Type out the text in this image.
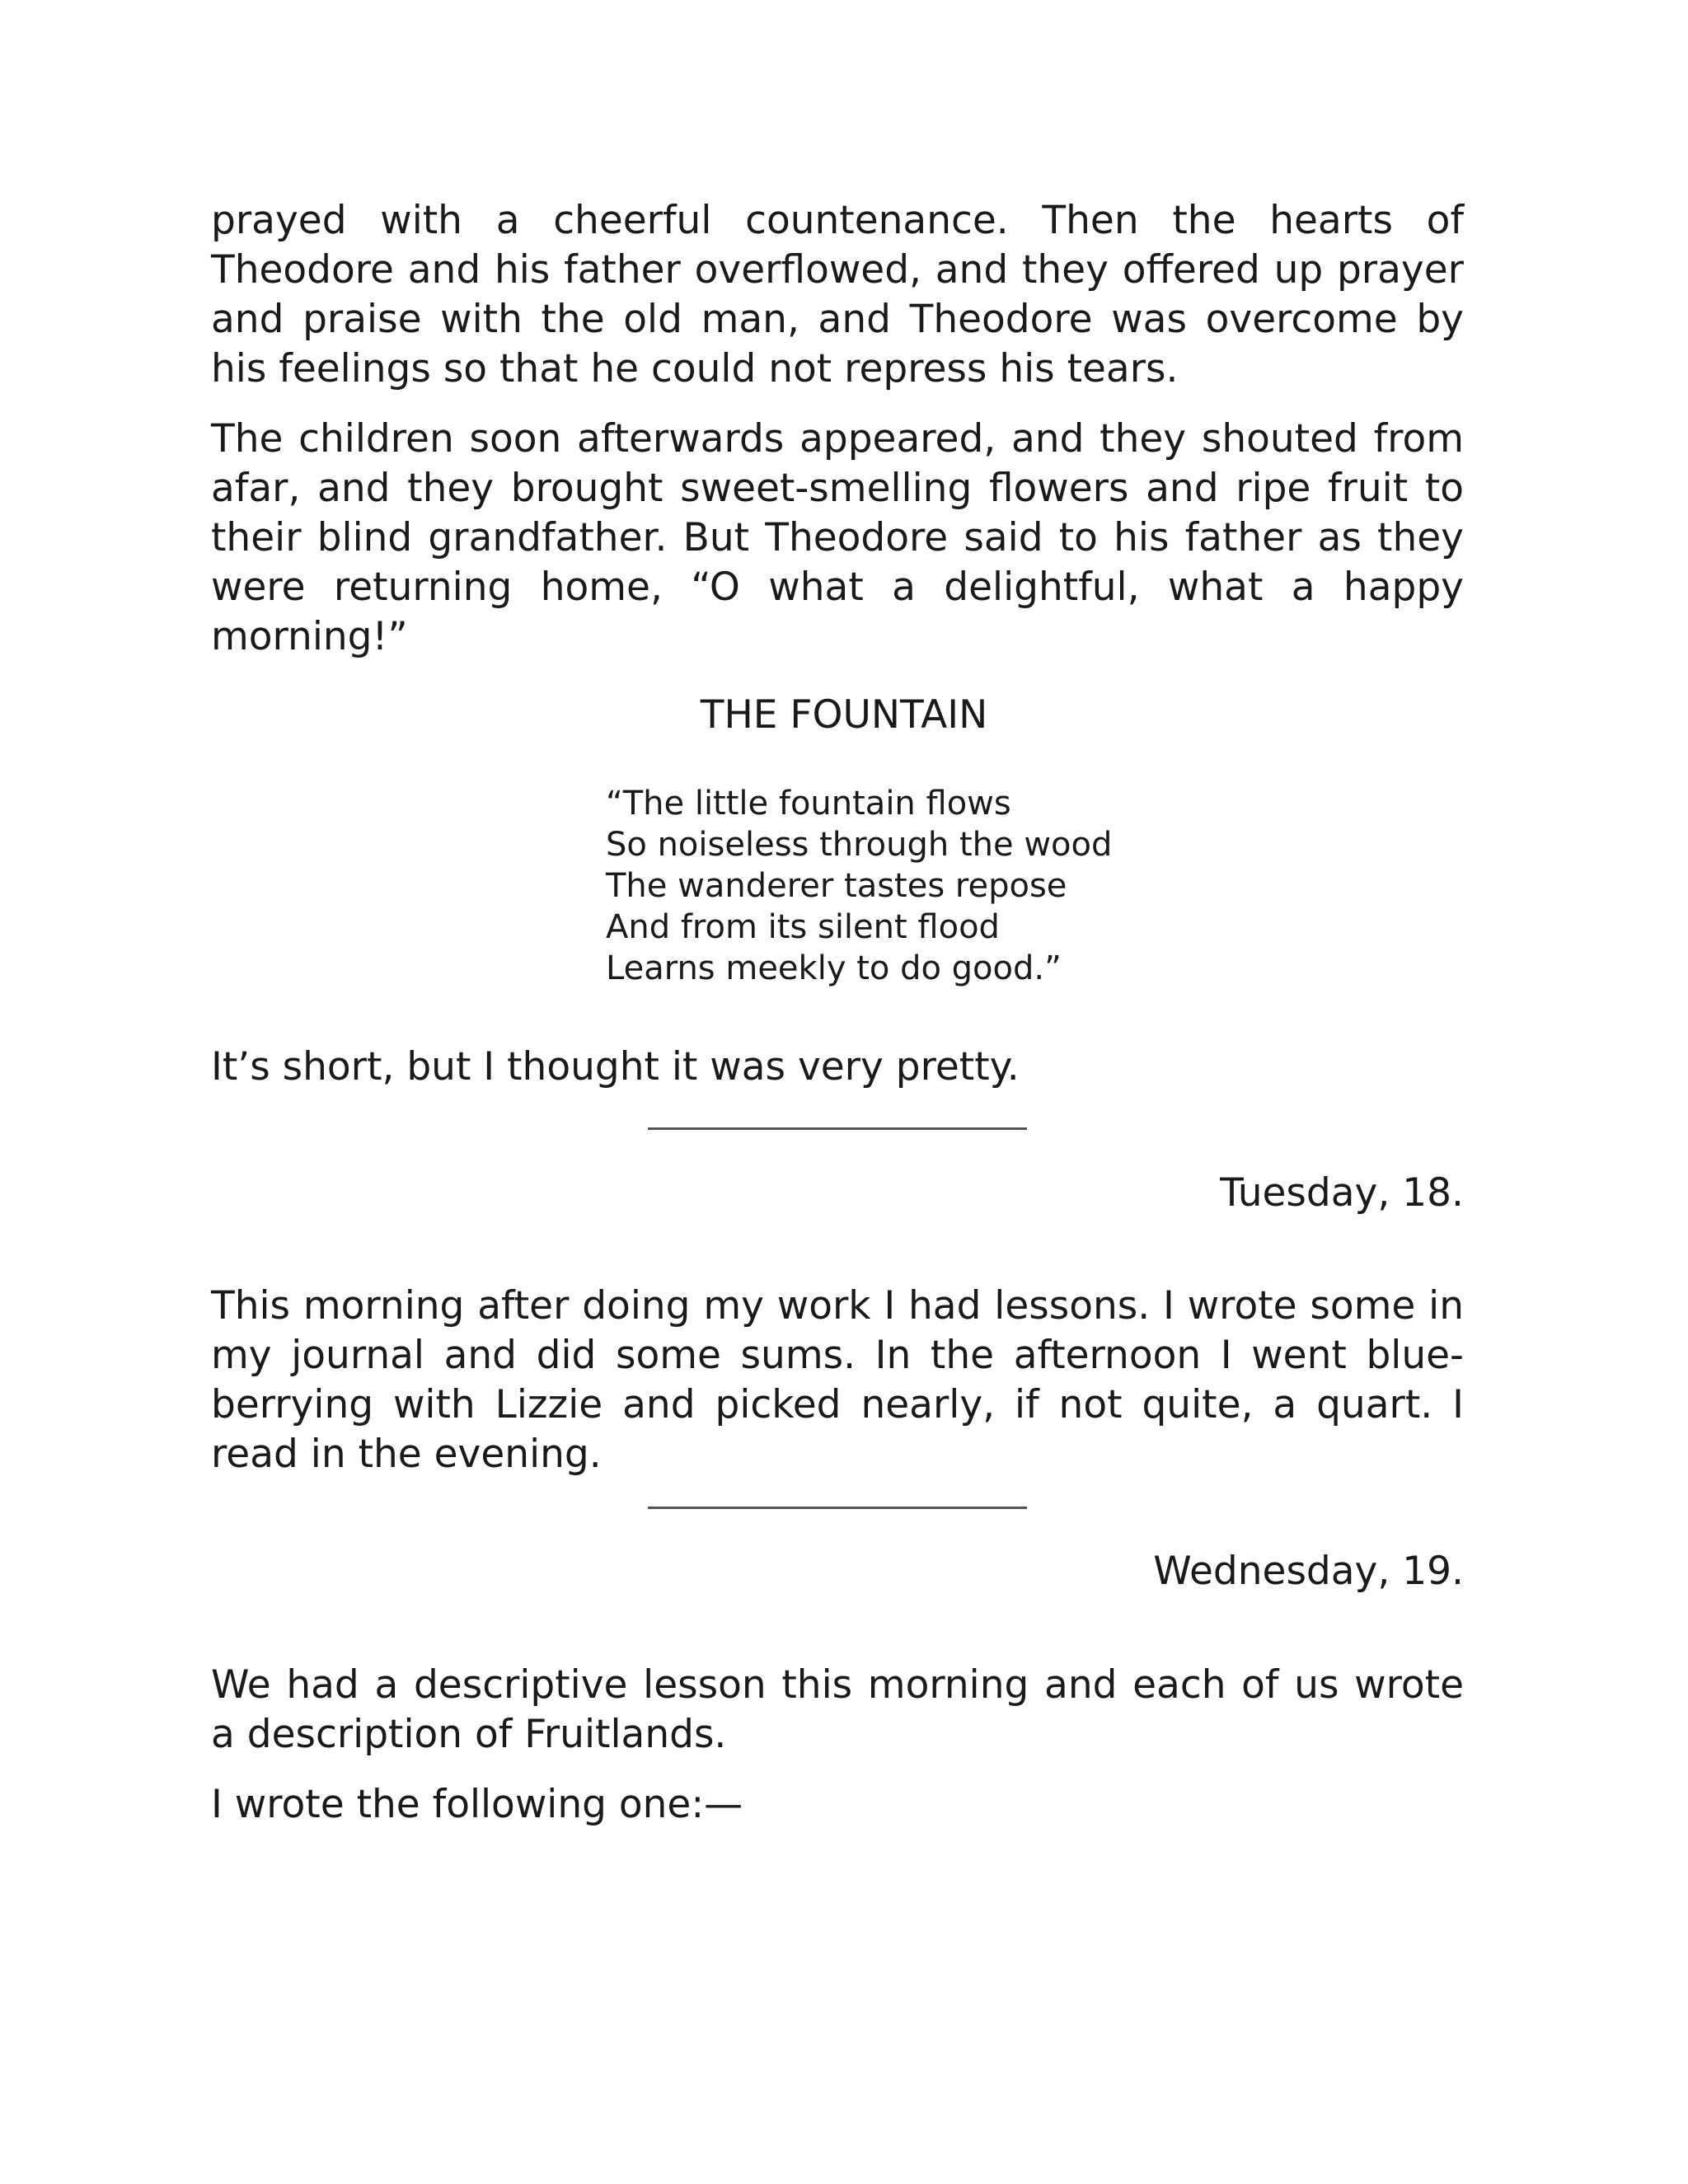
prayed with a cheerful countenance. Then the hearts of Theodore and his father overflowed, and they offered up prayer and praise with the old man, and Theodore was overcome by his feelings so that he could not repress his tears.

The children soon afterwards appeared, and they shouted from afar, and they brought sweet-smelling flowers and ripe fruit to their blind grandfather. But Theodore said to his father as they were returning home, “O what a delightful, what a happy morning!”

THE FOUNTAIN

“The little fountain flows
So noiseless through the wood
The wanderer tastes repose
And from its silent flood
Learns meekly to do good.”

It’s short, but I thought it was very pretty.

Tuesday, 18.

This morning after doing my work I had lessons. I wrote some in my journal and did some sums. In the afternoon I went blue-berrying with Lizzie and picked nearly, if not quite, a quart. I read in the evening.

Wednesday, 19.

We had a descriptive lesson this morning and each of us wrote a description of Fruitlands.

I wrote the following one:—
